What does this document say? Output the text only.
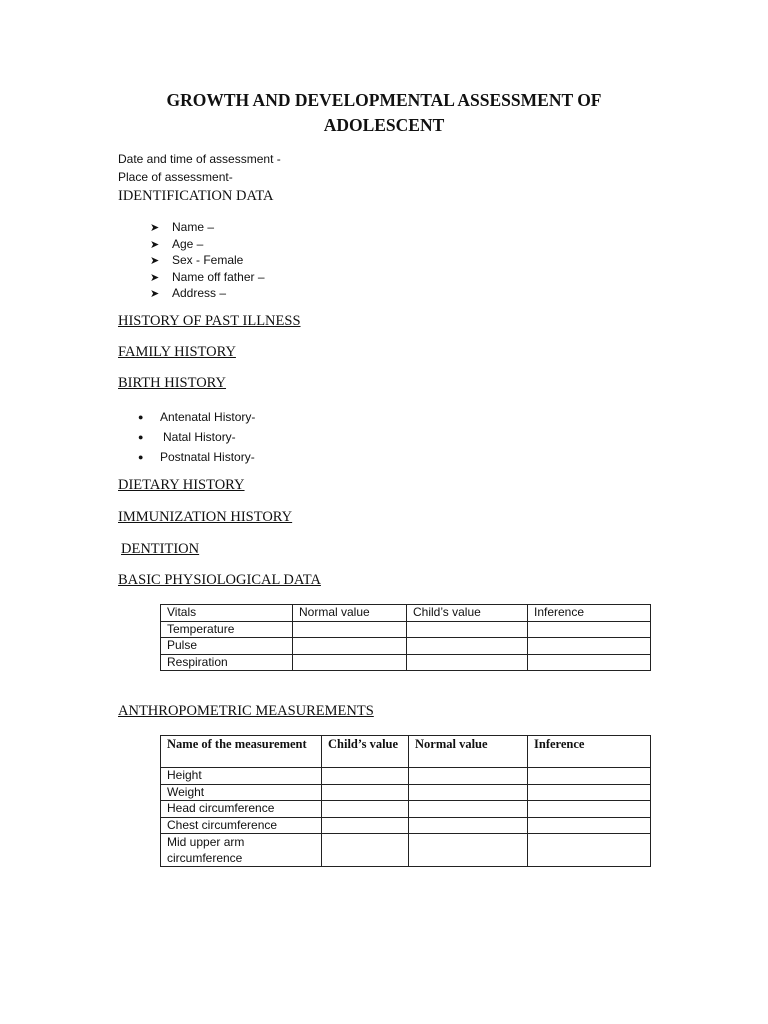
GROWTH AND DEVELOPMENTAL ASSESSMENT OF
ADOLESCENT
Date and time of assessment -
Place of assessment-
IDENTIFICATION DATA
➤ Name –
➤ Age –
➤ Sex - Female
➤ Name off father –
➤ Address –
HISTORY OF PAST ILLNESS
FAMILY HISTORY
BIRTH HISTORY
● Antenatal History-
● Natal History-
● Postnatal History-
DIETARY HISTORY
IMMUNIZATION HISTORY
DENTITION
BASIC PHYSIOLOGICAL DATA
Vitals	Normal value	Child’s value	Inference
Temperature			
Pulse			
Respiration			
ANTHROPOMETRIC MEASUREMENTS
Name of the measurement	Child’s value	Normal value	Inference
Height			
Weight			
Head circumference			
Chest circumference			
Mid upper arm circumference			
